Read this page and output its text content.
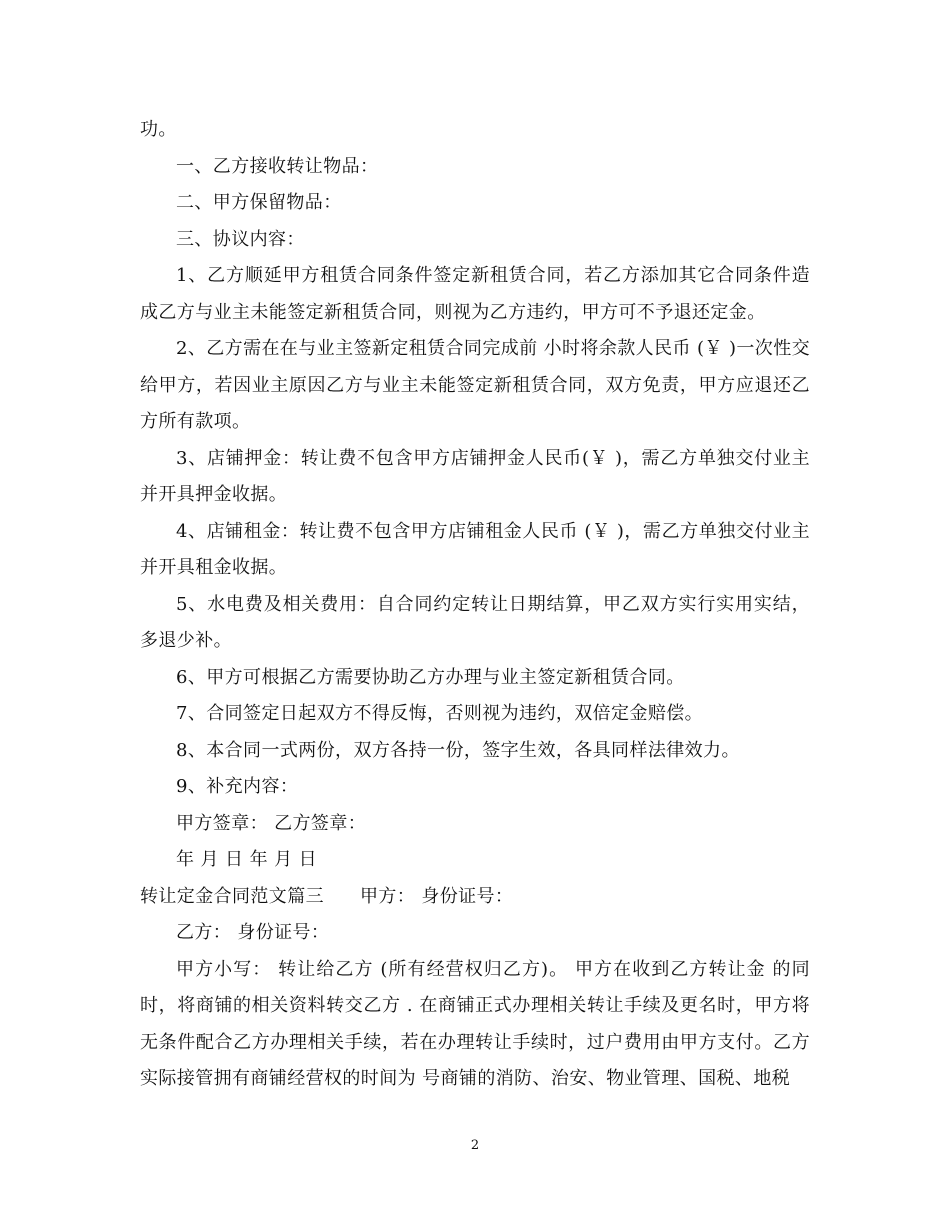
功。

一、乙方接收转让物品：

二、甲方保留物品：

三、协议内容：

1、乙方顺延甲方租赁合同条件签定新租赁合同，若乙方添加其它合同条件造成乙方与业主未能签定新租赁合同，则视为乙方违约，甲方可不予退还定金。

2、乙方需在在与业主签新定租赁合同完成前 小时将余款人民币 (￥ )一次性交给甲方，若因业主原因乙方与业主未能签定新租赁合同，双方免责，甲方应退还乙方所有款项。

3、店铺押金：转让费不包含甲方店铺押金人民币(￥ )，需乙方单独交付业主并开具押金收据。

4、店铺租金：转让费不包含甲方店铺租金人民币 (￥ )，需乙方单独交付业主并开具租金收据。

5、水电费及相关费用：自合同约定转让日期结算，甲乙双方实行实用实结，多退少补。

6、甲方可根据乙方需要协助乙方办理与业主签定新租赁合同。

7、合同签定日起双方不得反悔，否则视为违约，双倍定金赔偿。

8、本合同一式两份，双方各持一份，签字生效，各具同样法律效力。

9、补充内容：

甲方签章： 乙方签章：

年 月 日 年 月 日

转让定金合同范文篇三 甲方： 身份证号：

乙方： 身份证号：

甲方小写： 转让给乙方 (所有经营权归乙方)。 甲方在收到乙方转让金 的同时，将商铺的相关资料转交乙方 . 在商铺正式办理相关转让手续及更名时，甲方将无条件配合乙方办理相关手续，若在办理转让手续时，过户费用由甲方支付。乙方实际接管拥有商铺经营权的时间为 号商铺的消防、治安、物业管理、国税、地税

2
